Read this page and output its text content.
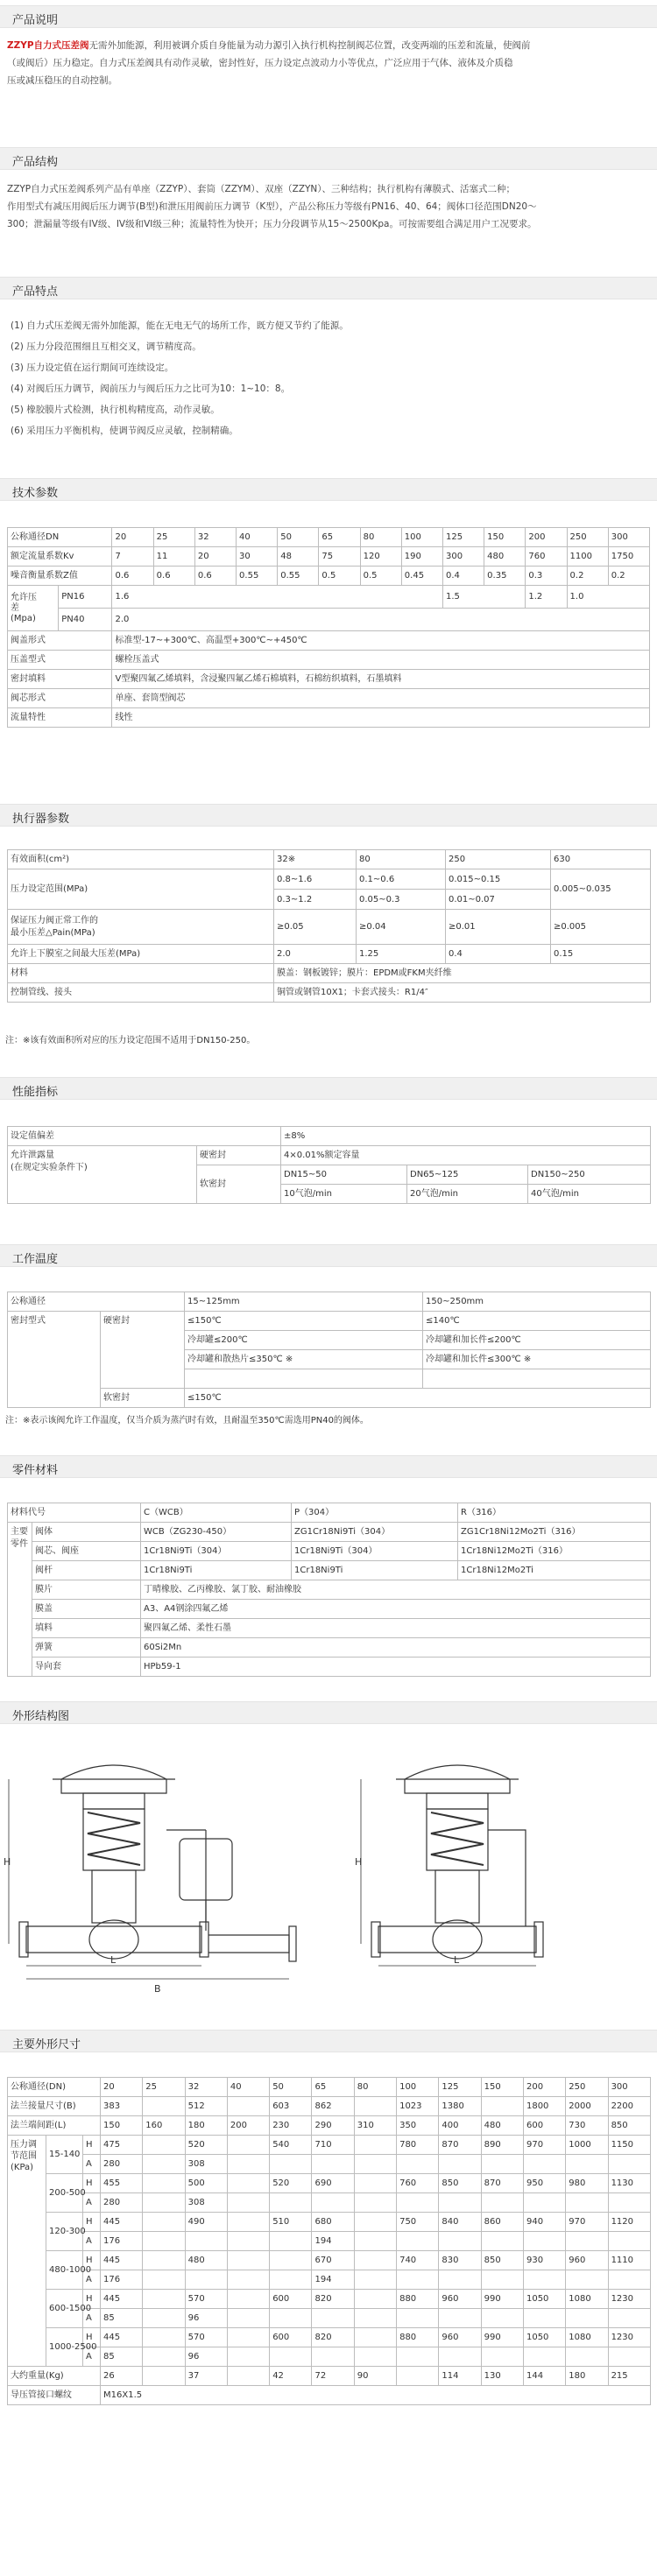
产品说明
ZZYP自力式压差阀无需外加能源，利用被调介质自身能量为动力源引入执行机构控制阀芯位置，改变两端的压差和流量，使阀前
（或阀后）压力稳定。自力式压差阀具有动作灵敏，密封性好，压力设定点波动力小等优点，广泛应用于气体、液体及介质稳
压或减压稳压的自动控制。
产品结构
ZZYP自力式压差阀系列产品有单座（ZZYP）、套筒（ZZYM）、双座（ZZYN）、三种结构；执行机构有薄膜式、活塞式二种；
作用型式有减压用阀后压力调节(B型)和泄压用阀前压力调节（K型），产品公称压力等级有PN16、40、64；阀体口径范围DN20～
300；泄漏量等级有IV级、IV级和VI级三种；流量特性为快开；压力分段调节从15～2500Kpa。可按需要组合满足用户工况要求。
产品特点
(1) 自力式压差阀无需外加能源，能在无电无气的场所工作，既方便又节约了能源。
(2) 压力分段范围细且互相交叉，调节精度高。
(3) 压力设定值在运行期间可连续设定。
(4) 对阀后压力调节，阀前压力与阀后压力之比可为10：1~10：8。
(5) 橡胶膜片式检测，执行机构精度高，动作灵敏。
(6) 采用压力平衡机构，使调节阀反应灵敏，控制精确。
技术参数
公称通径DN		20	25	32	40	50	65	80	100	125	150	200	250	300
额定流量系数Kv		7	11	20	30	48	75	120	190	300	480	760	1100	1750
噪音衡量系数Z值		0.6	0.6	0.6	0.55	0.55	0.5	0.5	0.45	0.4	0.35	0.3	0.2	0.2

允许压
差
(Mpa)	PN16	1.6								1.5		1.2	1.0	
	PN40	2.0												
阀盖形式		标准型-17~+300℃、高温型+300℃~+450℃												
压盖型式		螺栓压盖式												
密封填料		V型聚四氟乙烯填料，含浸聚四氟乙烯石棉填料，石棉纺织填料，石墨填料												
阀芯形式		单座、套筒型阀芯												
流量特性		线性												
执行器参数
有效面积(cm²)	32※	80	250	630
压力设定范围(MPa)	0.8~1.6	0.1~0.6	0.015~0.15	0.005~0.035
	0.3~1.2	0.05~0.3	0.01~0.07	

保证压力阀正常工作的
最小压差△Pain(MPa)	≥0.05	≥0.04	≥0.01	≥0.005
允许上下膜室之间最大压差(MPa)	2.0	1.25	0.4	0.15
材料	膜盖：钢板镀锌；膜片：EPDM或FKM夹纤维			
控制管线、接头	铜管或钢管10X1；卡套式接头：R1/4″			
注：※该有效面积所对应的压力设定范围不适用于DN150-250。
性能指标
设定值偏差		±8%		

允许泄露量
(在规定实验条件下)	硬密封	4×0.01%额定容量		
	软密封	DN15~50	DN65~125	DN150~250
		10气泡/min	20气泡/min	40气泡/min
工作温度
公称通径		15~125mm	150~250mm
密封型式	硬密封	≤150℃	≤140℃
		冷却罐≤200℃	冷却罐和加长件≤200℃
		冷却罐和散热片≤350℃ ※	冷却罐和加长件≤300℃ ※

	软密封	≤150℃	
注：※表示该阀允许工作温度，仅当介质为蒸汽时有效，且耐温至350℃需选用PN40的阀体。
零件材料
材料代号		C（WCB）	P（304）	R（316）

主要
零件	阀体	WCB（ZG230-450）	ZG1Cr18Ni9Ti（304）	ZG1Cr18Ni12Mo2Ti（316）
	阀芯、阀座	1Cr18Ni9Ti（304）	1Cr18Ni9Ti（304）	1Cr18Ni12Mo2Ti（316）
	阀杆	1Cr18Ni9Ti	1Cr18Ni9Ti	1Cr18Ni12Mo2Ti
	膜片	丁晴橡胶、乙丙橡胶、氯丁胶、耐油橡胶		
	膜盖	A3、A4钢涂四氟乙烯		
	填料	聚四氟乙烯、柔性石墨		
	弹簧	60Si2Mn		
	导向套	HPb59-1		
外形结构图
H
L
B
H
L
主要外形尺寸
公称通径(DN)			20	25	32	40	50	65	80	100	125	150	200	250	300
法兰接量尺寸(B)			383		512		603	862		1023	1380		1800	2000	2200
法兰端间距(L)			150	160	180	200	230	290	310	350	400	480	600	730	850

压力调
节范围
(KPa)	15-140	H	475		520		540	710		780	870	890	970	1000	1150
		A	280		308										
	200-500	H	455		500		520	690		760	850	870	950	980	1130
		A	280		308										
	120-300	H	445		490		510	680		750	840	860	940	970	1120
		A	176					194							
	480-1000	H	445		480			670		740	830	850	930	960	1110
		A	176					194							
	600-1500	H	445		570		600	820		880	960	990	1050	1080	1230
		A	85		96										
	1000-2500	H	445		570		600	820		880	960	990	1050	1080	1230
		A	85		96										
大约重量(Kg)			26		37		42	72	90		114	130	144	180	215
导压管接口螺纹			M16X1.5												
